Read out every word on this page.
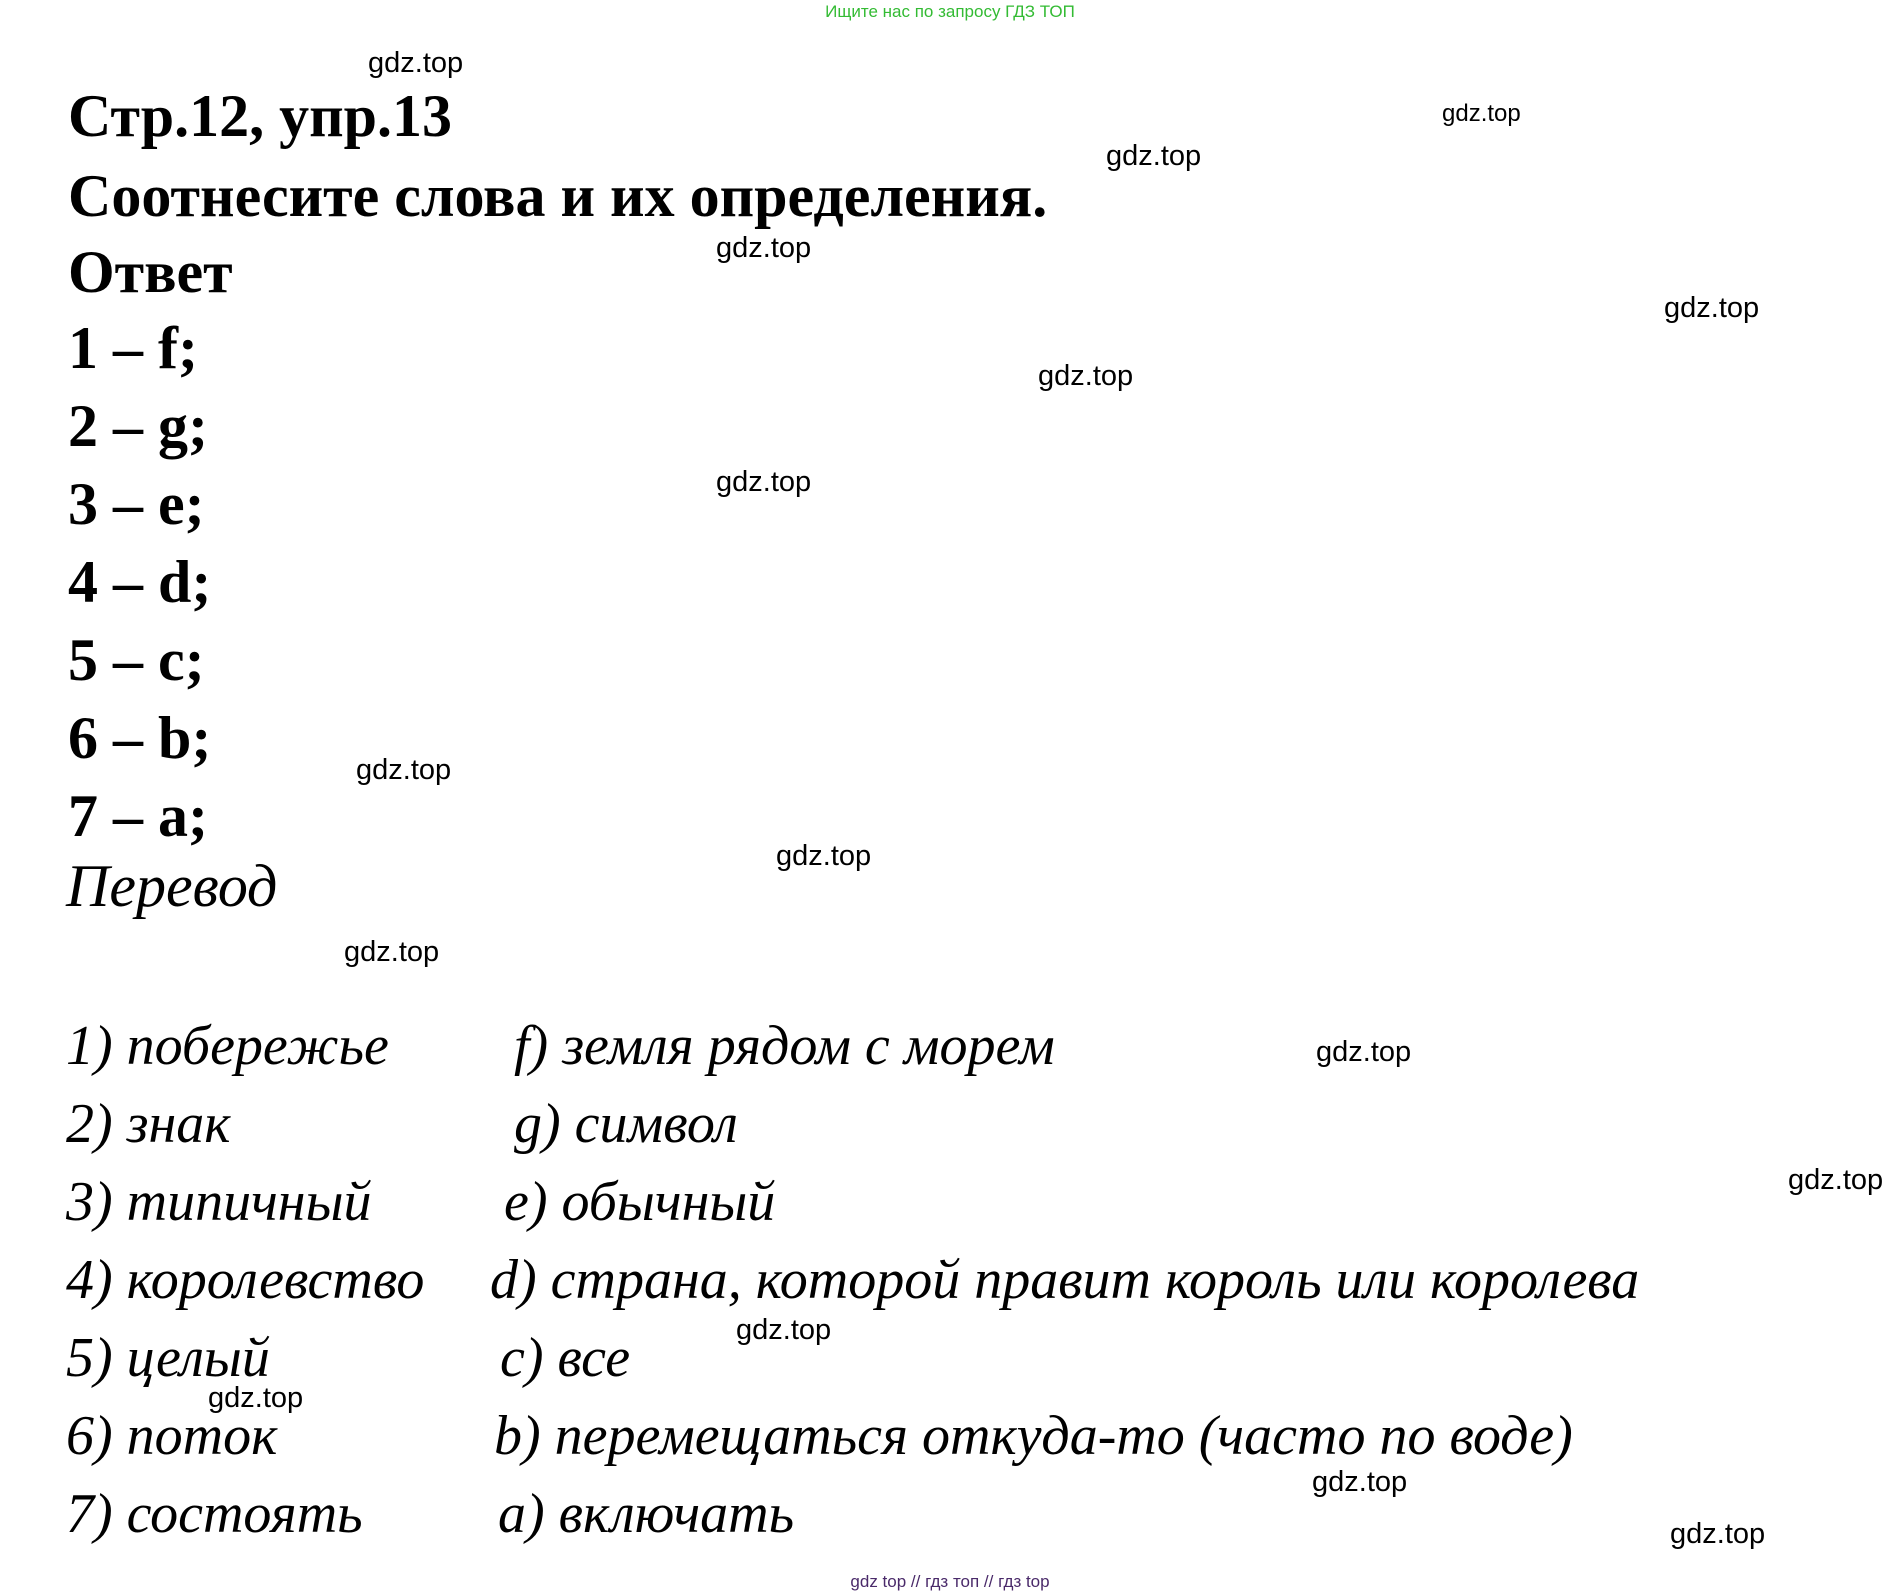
Ищите нас по запросу ГДЗ ТОП
Стр.12, упр.13
Соотнесите слова и их определения.
Ответ
1 – f;
2 – g;
3 – e;
4 – d;
5 – c;
6 – b;
7 – a;
Перевод
1) побережье f) земля рядом с морем
2) знак	g) символ
3) типичный e) обычный
4) королевство d) страна, которой правит король или королева
5) целый	c) все
6) поток	b) перемещаться откуда-то (часто по воде)
7) состоять a) включать
gdz.top
gdz.top
gdz.top
gdz.top
gdz.top
gdz.top
gdz.top
gdz.top
gdz.top
gdz.top
gdz.top
gdz.top
gdz.top
gdz.top
gdz.top
gdz.top
gdz top // гдз топ // гдз top
